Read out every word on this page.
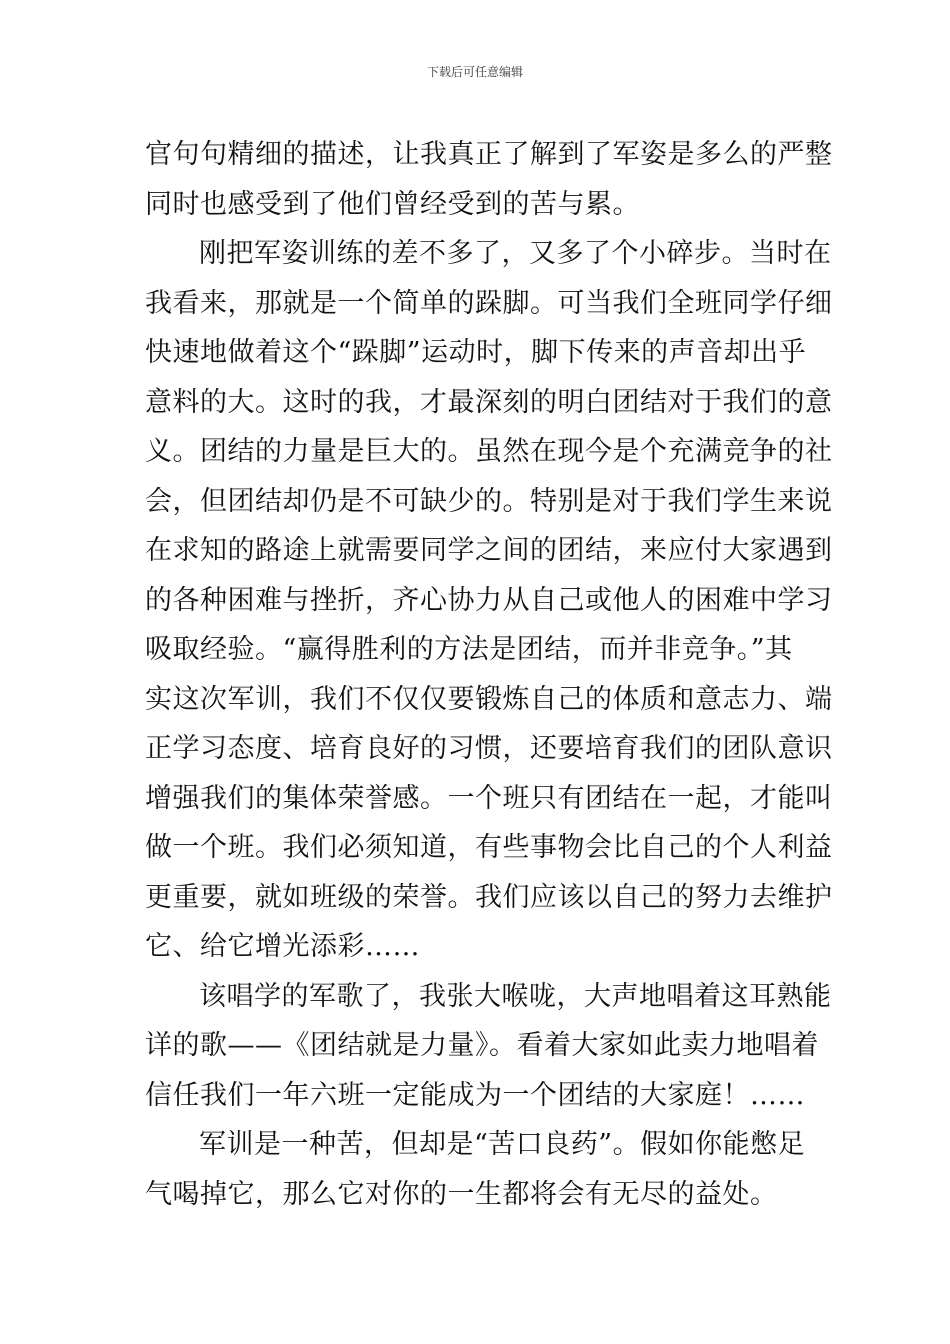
下载后可任意编辑
官句句精细的描述，让我真正了解到了军姿是多么的严整
同时也感受到了他们曾经受到的苦与累。
刚把军姿训练的差不多了，又多了个小碎步。当时在
我看来，那就是一个简单的跺脚。可当我们全班同学仔细
快速地做着这个“跺脚”运动时，脚下传来的声音却出乎
意料的大。这时的我，才最深刻的明白团结对于我们的意
义。团结的力量是巨大的。虽然在现今是个充满竞争的社
会，但团结却仍是不可缺少的。特别是对于我们学生来说
在求知的路途上就需要同学之间的团结，来应付大家遇到
的各种困难与挫折，齐心协力从自己或他人的困难中学习
吸取经验。“赢得胜利的方法是团结，而并非竞争。”其
实这次军训，我们不仅仅要锻炼自己的体质和意志力、端
正学习态度、培育良好的习惯，还要培育我们的团队意识
增强我们的集体荣誉感。一个班只有团结在一起，才能叫
做一个班。我们必须知道，有些事物会比自己的个人利益
更重要，就如班级的荣誉。我们应该以自己的努力去维护
它、给它增光添彩……
该唱学的军歌了，我张大喉咙，大声地唱着这耳熟能
详的歌——《团结就是力量》。看着大家如此卖力地唱着
信任我们一年六班一定能成为一个团结的大家庭！……
军训是一种苦，但却是“苦口良药”。假如你能憋足
气喝掉它，那么它对你的一生都将会有无尽的益处。
